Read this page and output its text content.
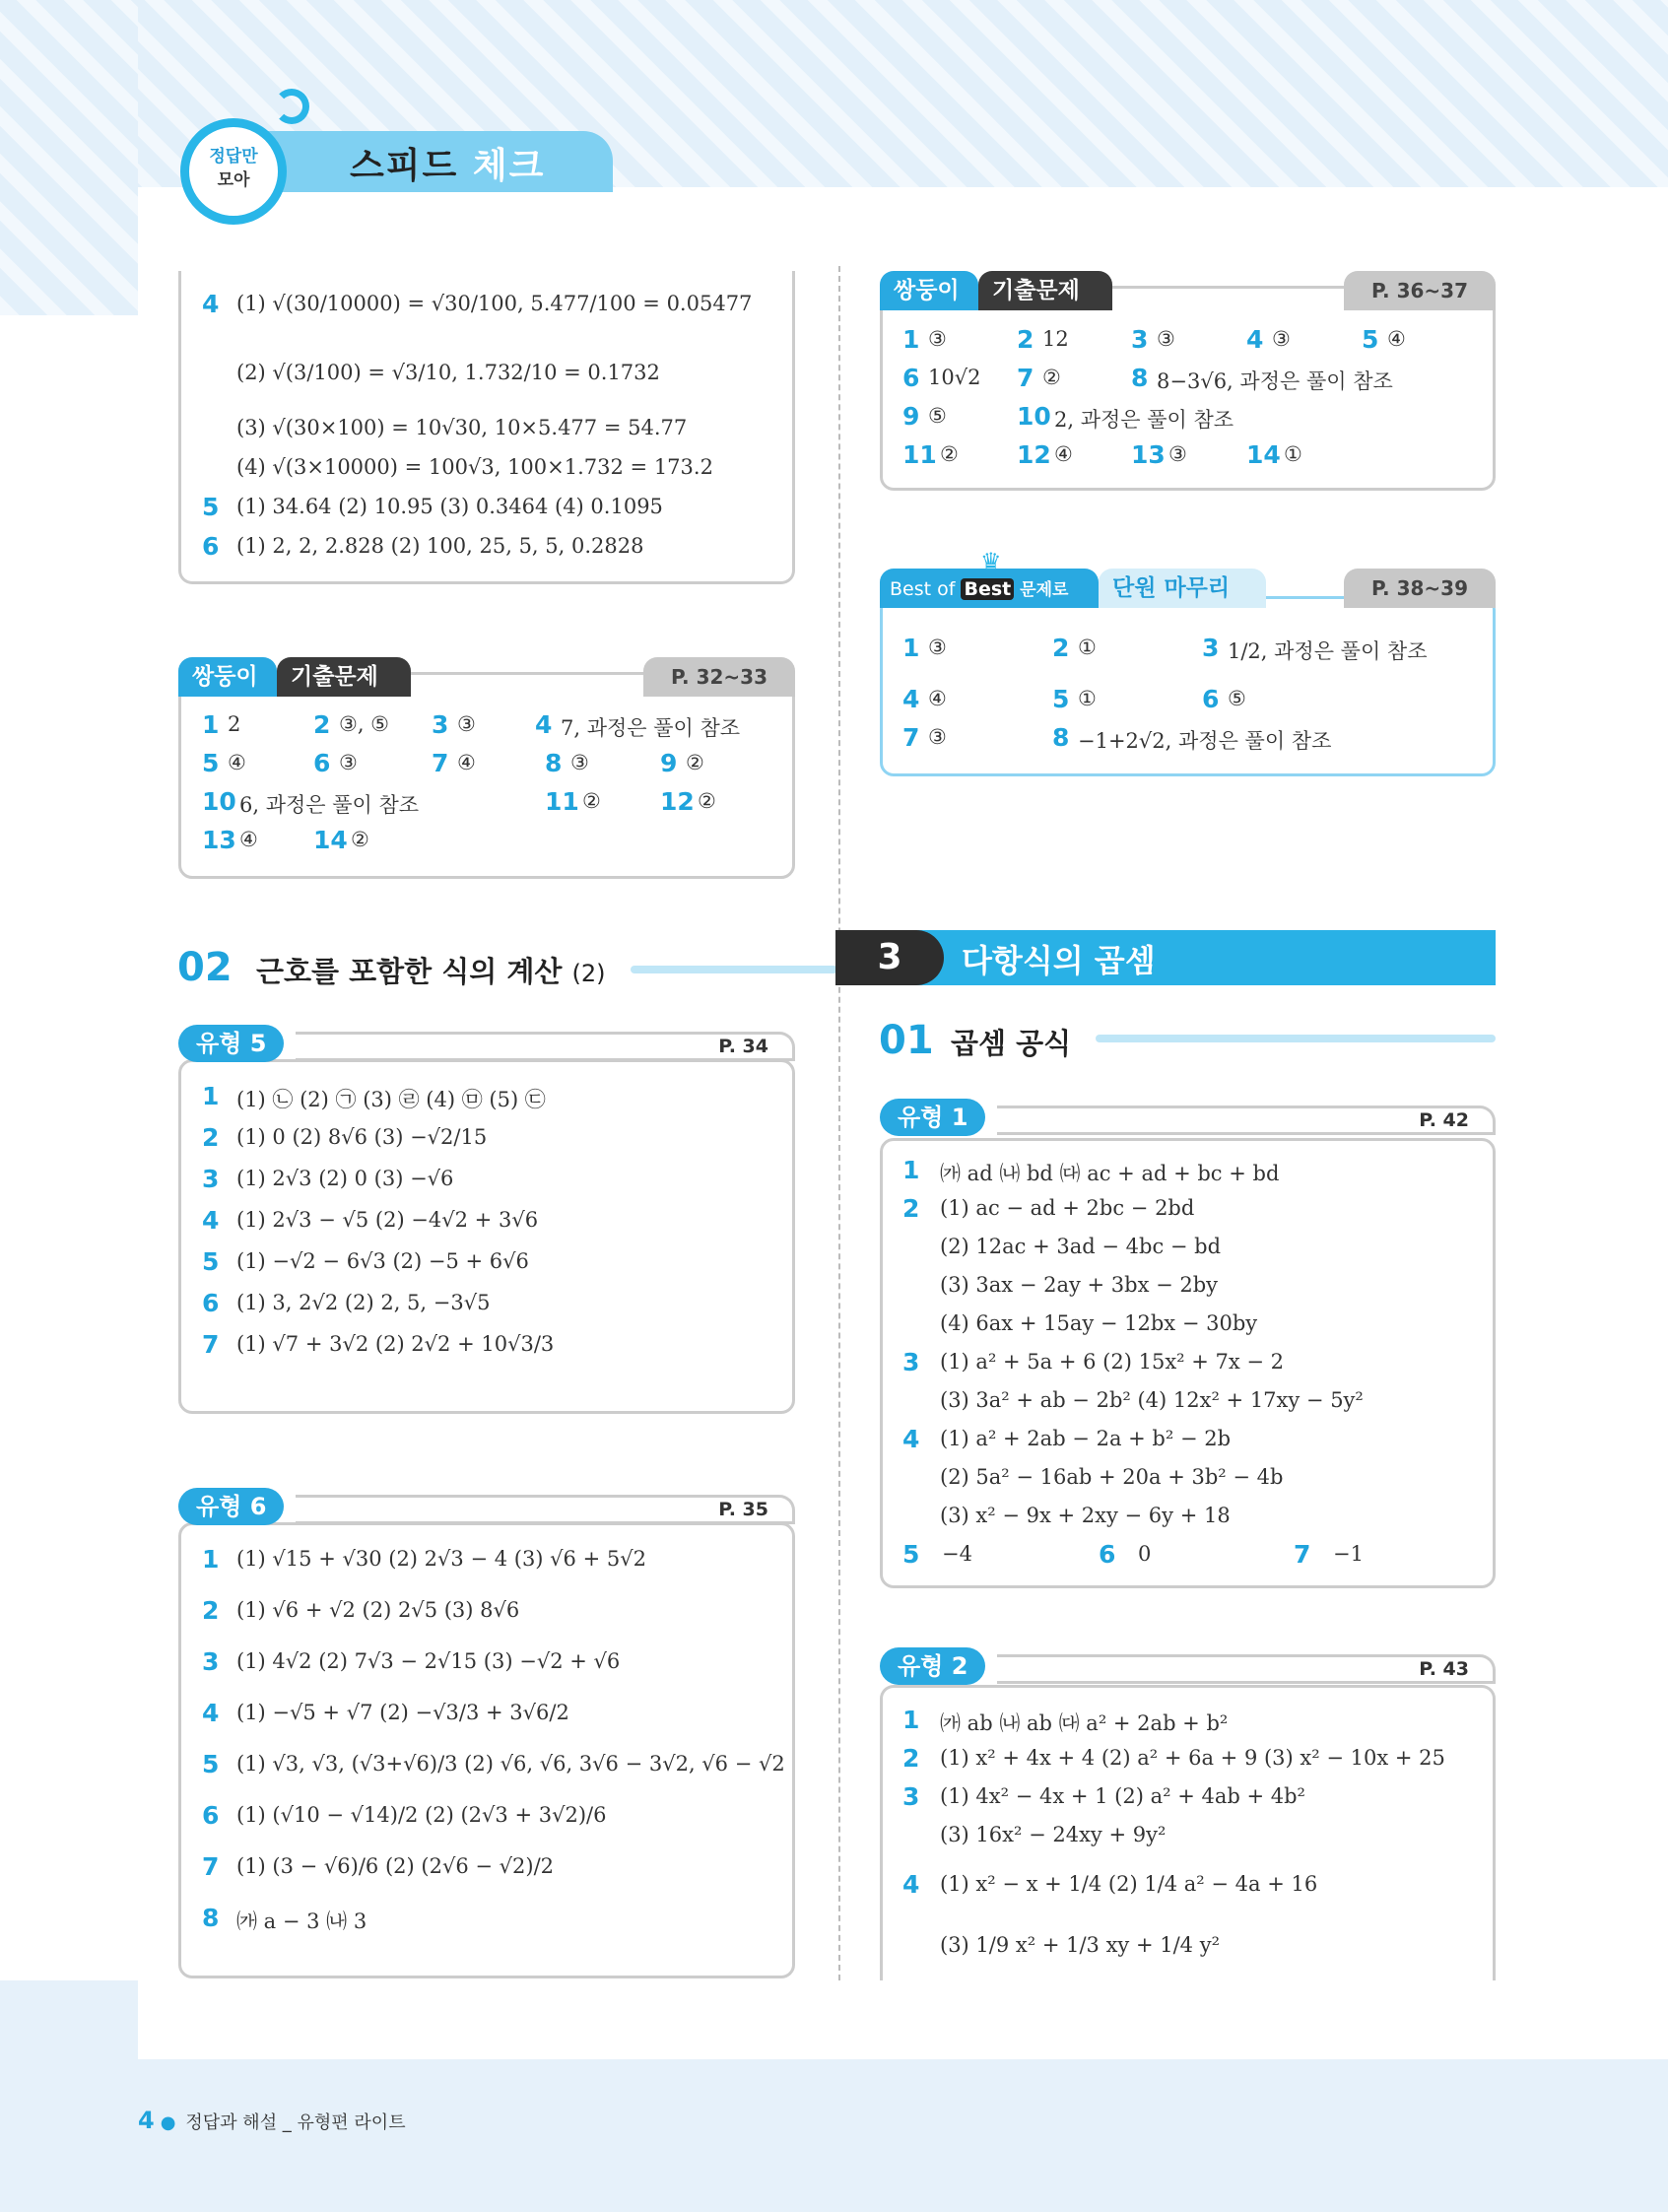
정답만
모아	스피드 체크
4 (1) √(30/10000) = √30/100, 5.477/100 = 0.05477
(2) √(3/100) = √3/10, 1.732/10 = 0.1732
(3) √(30×100) = 10√30, 10×5.477 = 54.77
(4) √(3×10000) = 100√3, 100×1.732 = 173.2
5 (1) 34.64 (2) 10.95 (3) 0.3464 (4) 0.1095
6 (1) 2, 2, 2.828 (2) 100, 25, 5, 5, 0.2828
쌍둥이	기출문제	P. 32~33
1 2	2 ③, ⑤ 3 ③ 4 7, 과정은 풀이 참조
5 ④	6 ③	7 ④	8 ③	9 ②
10 6, 과정은 풀이 참조	11 ② 12 ②
13 ④ 14 ②
02 근호를 포함한 식의 계산 (2)
유형 5	P. 34
1 (1) ㉡ (2) ㉠ (3) ㉣ (4) ㉤ (5) ㉢
2 (1) 0 (2) 8√6 (3) −√2/15
3 (1) 2√3 (2) 0 (3) −√6
4 (1) 2√3 − √5 (2) −4√2 + 3√6
5 (1) −√2 − 6√3 (2) −5 + 6√6
6 (1) 3, 2√2 (2) 2, 5, −3√5
7 (1) √7 + 3√2 (2) 2√2 + 10√3/3
유형 6	P. 35
1 (1) √15 + √30 (2) 2√3 − 4 (3) √6 + 5√2
2 (1) √6 + √2 (2) 2√5 (3) 8√6
3 (1) 4√2 (2) 7√3 − 2√15 (3) −√2 + √6
4 (1) −√5 + √7 (2) −√3/3 + 3√6/2
5 (1) √3, √3, (√3+√6)/3 (2) √6, √6, 3√6 − 3√2, √6 − √2
6 (1) (√10 − √14)/2 (2) (2√3 + 3√2)/6
7 (1) (3 − √6)/6 (2) (2√6 − √2)/2
8 ㈎ a − 3 ㈏ 3
쌍둥이	기출문제	P. 36~37
1 ③	2 12	3 ③	4 ③	5 ④
6 10√2 7 ②	8 8−3√6, 과정은 풀이 참조
9 ⑤	10 2, 과정은 풀이 참조
11 ② 12 ④ 13 ③ 14 ①
Best of Best 문제로
♛
단원 마무리	P. 38~39
1 ③	2 ①	3 1/2, 과정은 풀이 참조
4 ④	5 ①	6 ⑤
7 ③	8 −1+2√2, 과정은 풀이 참조
3	다항식의 곱셈
01 곱셈 공식
유형 1	P. 42
1 ㈎ ad ㈏ bd ㈐ ac + ad + bc + bd
2 (1) ac − ad + 2bc − 2bd
(2) 12ac + 3ad − 4bc − bd
(3) 3ax − 2ay + 3bx − 2by
(4) 6ax + 15ay − 12bx − 30by
3 (1) a² + 5a + 6 (2) 15x² + 7x − 2
(3) 3a² + ab − 2b² (4) 12x² + 17xy − 5y²
4 (1) a² + 2ab − 2a + b² − 2b
(2) 5a² − 16ab + 20a + 3b² − 4b
(3) x² − 9x + 2xy − 6y + 18
5 −4	6 0	7 −1
유형 2	P. 43
1 ㈎ ab ㈏ ab ㈐ a² + 2ab + b²
2 (1) x² + 4x + 4 (2) a² + 6a + 9 (3) x² − 10x + 25
3 (1) 4x² − 4x + 1 (2) a² + 4ab + 4b²
(3) 16x² − 24xy + 9y²
4 (1) x² − x + 1/4 (2) 1/4 a² − 4a + 16
(3) 1/9 x² + 1/3 xy + 1/4 y²
4 ● 정답과 해설 _ 유형편 라이트
